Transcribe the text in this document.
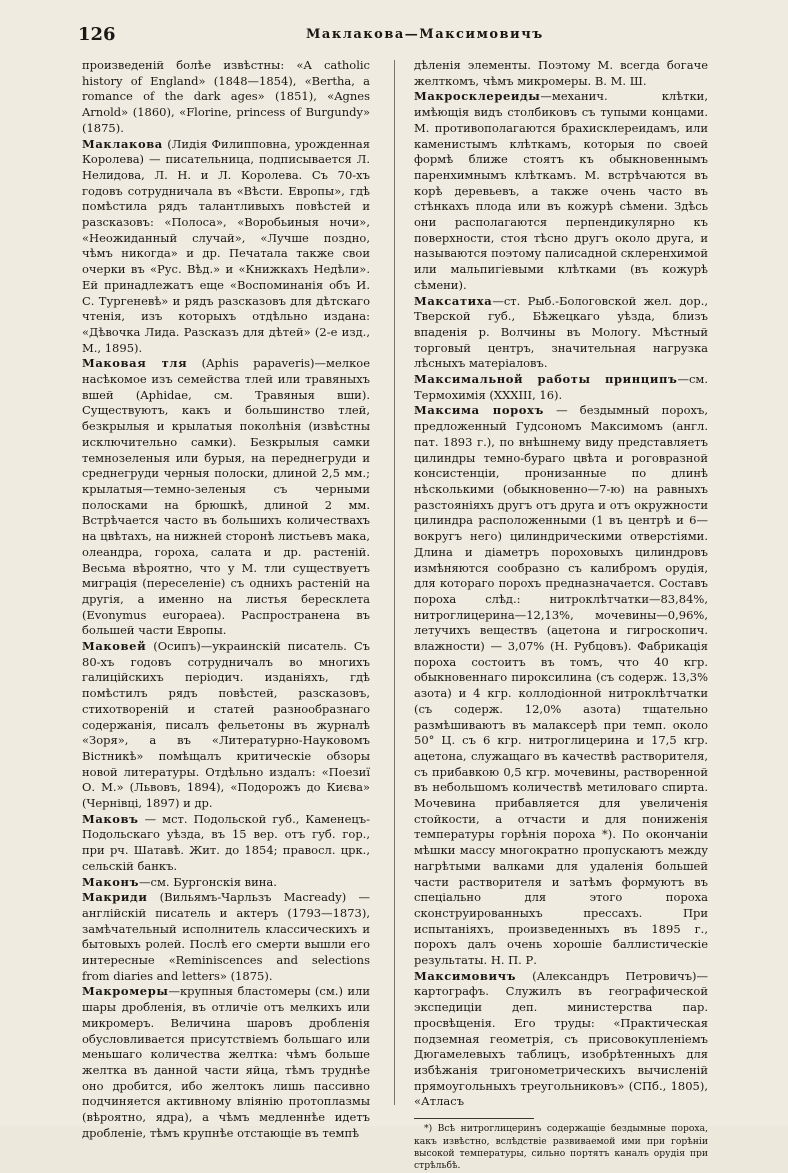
126	Маклакова—Максимовичъ

произведеній болѣе извѣстны: «A catholic history of England» (1848—1854), «Bertha, a romance of the dark ages» (1851), «Agnes Arnold» (1860), «Florine, princess of Burgundy» (1875).

Маклакова (Лидія Филипповна, урожденная Королева) — писательница, подписывается Л. Нелидова, Л. Н. и Л. Королева. Съ 70-хъ годовъ сотрудничала въ «Вѣсти. Европы», гдѣ помѣстила рядъ талантливыхъ повѣстей и разсказовъ: «Полоса», «Воробьиныя ночи», «Неожиданный случай», «Лучше поздно, чѣмъ никогда» и др. Печатала также свои очерки въ «Рус. Вѣд.» и «Книжкахъ Недѣли». Ей принадлежатъ еще «Воспоминанія объ И. С. Тургеневѣ» и рядъ разсказовъ для дѣтскаго чтенія, изъ которыхъ отдѣльно издана: «Дѣвочка Лида. Разсказъ для дѣтей» (2-е изд., М., 1895).

Маковая тля (Aphis papaveris)—мелкое насѣкомое изъ семейства тлей или травяныхъ вшей (Aphidae, см. Травяныя вши). Существуютъ, какъ и большинство тлей, безкрылыя и крылатыя поколѣнія (извѣстны исключительно самки). Безкрылыя самки темнозеленыя или бурыя, на переднегруди и среднегруди черныя полоски, длиной 2,5 мм.; крылатыя—темно-зеленыя съ черными полосками на брюшкѣ, длиной 2 мм. Встрѣчается часто въ большихъ количествахъ на цвѣтахъ, на нижней сторонѣ листьевъ мака, олеандра, гороха, салата и др. растеній. Весьма вѣроятно, что у М. тли существуетъ миграція (переселеніе) съ однихъ растеній на другія, а именно на листья бересклета (Evonymus europaea). Распространена въ большей части Европы.

Маковей (Осипъ)—украинскій писатель. Съ 80-хъ годовъ сотрудничалъ во многихъ галиційскихъ періодич. изданіяхъ, гдѣ помѣстилъ рядъ повѣстей, разсказовъ, стихотвореній и статей разнообразнаго содержанія, писалъ фельетоны въ журналѣ «Зоря», а въ «Литературно-Науковомъ Вістникѣ» помѣщалъ критическіе обзоры новой литературы. Отдѣльно издалъ: «Поезиї О. М.» (Львовъ, 1894), «Подорожъ до Києва» (Чернівці, 1897) и др.

Маковъ — мст. Подольской губ., Каменецъ-Подольскаго уѣзда, въ 15 вер. отъ губ. гор., при рч. Шатавѣ. Жит. до 1854; правосл. црк., сельскій банкъ.

Маконъ—см. Бургонскія вина.

Макриди (Вильямъ-Чарльзъ Macready) —англійскій писатель и актеръ (1793—1873), замѣчательный исполнитель классическихъ и бытовыхъ ролей. Послѣ его смерти вышли его интересные «Reminiscences and selections from diaries and letters» (1875).

Макромеры—крупныя бластомеры (см.) или шары дробленія, въ отличіе отъ мелкихъ или микромеръ. Величина шаровъ дробленія обусловливается присутствіемъ большаго или меньшаго количества желтка: чѣмъ больше желтка въ данной части яйца, тѣмъ труднѣе оно дробится, ибо желтокъ лишь пассивно подчиняется активному вліянію протоплазмы (вѣроятно, ядра), а чѣмъ медленнѣе идетъ дробленіе, тѣмъ крупнѣе отстающіе въ темпѣ

дѣленія элементы. Поэтому М. всегда богаче желткомъ, чѣмъ микромеры. В. М. Ш.

Макросклереиды—механич. клѣтки, имѣющія видъ столбиковъ съ тупыми концами. М. противополагаются брахисклереидамъ, или каменистымъ клѣткамъ, которыя по своей формѣ ближе стоятъ къ обыкновеннымъ паренхимнымъ клѣткамъ. М. встрѣчаются въ корѣ деревьевъ, а также очень часто въ стѣнкахъ плода или въ кожурѣ сѣмени. Здѣсь они располагаются перпендикулярно къ поверхности, стоя тѣсно другъ около друга, и называются поэтому палисадной склеренхимой или мальпигіевыми клѣтками (въ кожурѣ сѣмени).

Максатиха—ст. Рыб.-Бологовской жел. дор., Тверской губ., Бѣжецкаго уѣзда, близъ впаденія р. Волчины въ Мологу. Мѣстный торговый центръ, значительная нагрузка лѣсныхъ матеріаловъ.

Максимальной работы принципъ—см. Термохимія (XXXIII, 16).

Максима порохъ — бездымный порохъ, предложенный Гудсономъ Максимомъ (англ. пат. 1893 г.), по внѣшнему виду представляетъ цилиндры темно-бураго цвѣта и роговразной консистенціи, пронизанные по длинѣ нѣсколькими (обыкновенно—7-ю) на равныхъ разстояніяхъ другъ отъ друга и отъ окружности цилиндра расположенными (1 въ центрѣ и 6—вокругъ него) цилиндрическими отверстіями. Длина и діаметръ пороховыхъ цилиндровъ измѣняются сообразно съ калибромъ орудія, для котораго порохъ предназначается. Составъ пороха слѣд.: нитроклѣтчатки—83,84%, нитроглицерина—12,13%, мочевины—0,96%, летучихъ веществъ (ацетона и гигроскопич. влажности) — 3,07% (Н. Рубцовъ). Фабрикація пороха состоитъ въ томъ, что 40 кгр. обыкновеннаго пироксилина (съ содерж. 13,3% азота) и 4 кгр. коллодіонной нитроклѣтчатки (съ содерж. 12,0% азота) тщательно размѣшиваютъ въ малаксерѣ при темп. около 50° Ц. съ 6 кгр. нитроглицерина и 17,5 кгр. ацетона, служащаго въ качествѣ растворителя, съ прибавкою 0,5 кгр. мочевины, растворенной въ небольшомъ количествѣ метиловаго спирта. Мочевина прибавляется для увеличенія стойкости, а отчасти и для пониженія температуры горѣнія пороха *). По окончаніи мѣшки массу многократно пропускаютъ между нагрѣтыми валками для удаленія большей части растворителя и затѣмъ формуютъ въ спеціально для этого пороха сконструированныхъ прессахъ. При испытаніяхъ, произведенныхъ въ 1895 г., порохъ далъ очень хорошіе баллистическіе результаты. Н. П. Р.

Максимовичъ (Александръ Петровичъ)—картографъ. Служилъ въ географической экспедиціи деп. министерства пар. просвѣщенія. Его труды: «Практическая подземная геометрія, съ присовокупленіемъ Дюгамелевыхъ таблицъ, изобрѣтенныхъ для избѣжанія тригонометрическихъ вычисленій прямоугольныхъ треугольниковъ» (СПб., 1805), «Атласъ

*) Всѣ нитроглицеринъ содержащіе бездымные пороха, какъ извѣстно, вслѣдствіе развиваемой ими при горѣніи высокой температуры, сильно портятъ каналъ орудія при стрѣльбѣ.
